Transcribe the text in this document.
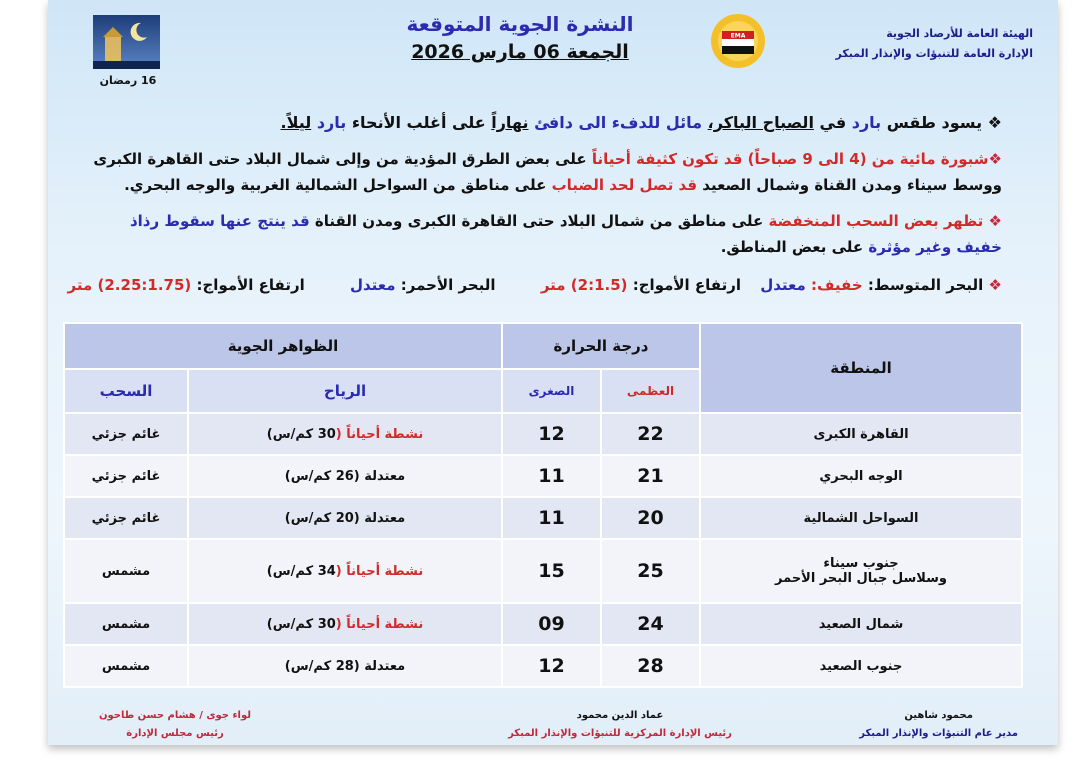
الهيئة العامة للأرصاد الجوية
الإدارة العامة للتنبؤات والإنذار المبكر
EMA
النشرة الجوية المتوقعة
الجمعة 06 مارس 2026
16 رمضان
❖ يسود طقس بارد في الصباح الباكر، مائل للدفء الى دافئ نهاراً على أغلب الأنحاء بارد ليلاً.
❖شبورة مائية من (4 الى 9 صباحاً) قد تكون كثيفة أحياناً على بعض الطرق المؤدية من وإلى شمال البلاد حتى القاهرة الكبرى ووسط سيناء ومدن القناة وشمال الصعيد قد تصل لحد الضباب على مناطق من السواحل الشمالية الغربية والوجه البحري.
❖ تظهر بعض السحب المنخفضة على مناطق من شمال البلاد حتى القاهرة الكبرى ومدن القناة قد ينتج عنها سقوط رذاذ خفيف وغير مؤثرة على بعض المناطق.
❖ البحر المتوسط: خفيف: معتدل ارتفاع الأمواج: (2:1.5) متر البحر الأحمر: معتدل ارتفاع الأمواج: (2.25:1.75) متر
المنطقة	درجة الحرارة		الظواهر الجوية	
	العظمى	الصغرى	الرياح	السحب

القاهرة الكبرى	22	12	نشطة أحياناً (30 كم/س)	غائم جزئي

الوجه البحري	21	11	معتدلة (26 كم/س)	غائم جزئي

السواحل الشمالية	20	11	معتدلة (20 كم/س)	غائم جزئي

جنوب سيناء
وسلاسل جبال البحر الأحمر	25	15	نشطة أحياناً (34 كم/س)	مشمس

شمال الصعيد	24	09	نشطة أحياناً (30 كم/س)	مشمس

جنوب الصعيد	28	12	معتدلة (28 كم/س)	مشمس
محمود شاهين
مدير عام التنبؤات والإنذار المبكر
عماد الدين محمود
رئيس الإدارة المركزية للتنبؤات والإنذار المبكر
لواء جوى / هشام حسن طاحون
رئيس مجلس الإدارة
